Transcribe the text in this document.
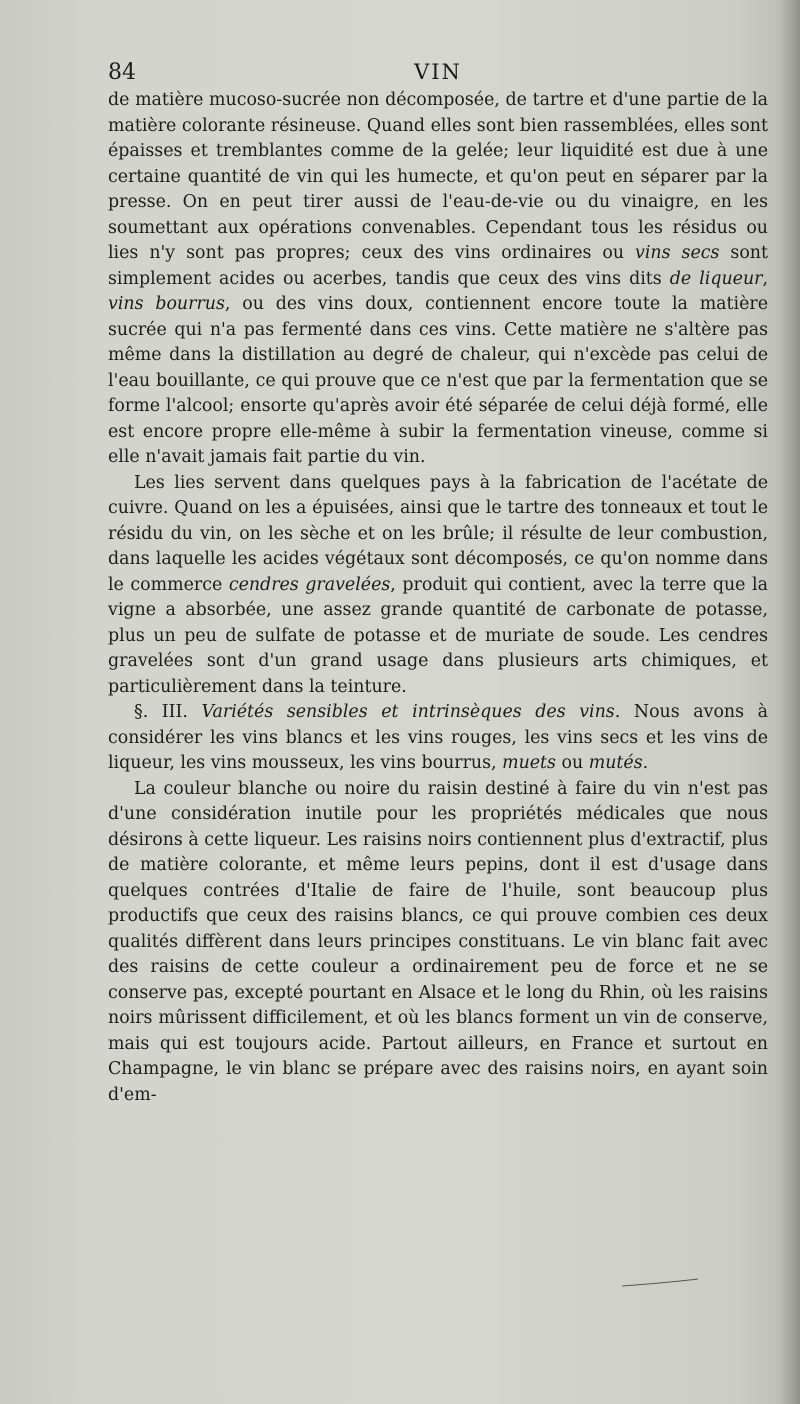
VIN
84

de matière mucoso-sucrée non décomposée, de tartre et d'une partie de la matière colorante résineuse. Quand elles sont bien rassemblées, elles sont épaisses et tremblantes comme de la gelée; leur liquidité est due à une certaine quantité de vin qui les humecte, et qu'on peut en séparer par la presse. On en peut tirer aussi de l'eau-de-vie ou du vinaigre, en les soumettant aux opérations convenables. Cependant tous les résidus ou lies n'y sont pas propres; ceux des vins ordinaires ou vins secs sont simplement acides ou acerbes, tandis que ceux des vins dits de liqueur, vins bourrus, ou des vins doux, contiennent encore toute la matière sucrée qui n'a pas fermenté dans ces vins. Cette matière ne s'altère pas même dans la distillation au degré de chaleur, qui n'excède pas celui de l'eau bouillante, ce qui prouve que ce n'est que par la fermentation que se forme l'alcool; ensorte qu'après avoir été séparée de celui déjà formé, elle est encore propre elle-même à subir la fermentation vineuse, comme si elle n'avait jamais fait partie du vin.

Les lies servent dans quelques pays à la fabrication de l'acétate de cuivre. Quand on les a épuisées, ainsi que le tartre des tonneaux et tout le résidu du vin, on les sèche et on les brûle; il résulte de leur combustion, dans laquelle les acides végétaux sont décomposés, ce qu'on nomme dans le commerce cendres gravelées, produit qui contient, avec la terre que la vigne a absorbée, une assez grande quantité de carbonate de potasse, plus un peu de sulfate de potasse et de muriate de soude. Les cendres gravelées sont d'un grand usage dans plusieurs arts chimiques, et particulièrement dans la teinture.

§. III. Variétés sensibles et intrinsèques des vins. Nous avons à considérer les vins blancs et les vins rouges, les vins secs et les vins de liqueur, les vins mousseux, les vins bourrus, muets ou mutés.

La couleur blanche ou noire du raisin destiné à faire du vin n'est pas d'une considération inutile pour les propriétés médicales que nous désirons à cette liqueur. Les raisins noirs contiennent plus d'extractif, plus de matière colorante, et même leurs pepins, dont il est d'usage dans quelques contrées d'Italie de faire de l'huile, sont beaucoup plus productifs que ceux des raisins blancs, ce qui prouve combien ces deux qualités diffèrent dans leurs principes constituans. Le vin blanc fait avec des raisins de cette couleur a ordinairement peu de force et ne se conserve pas, excepté pourtant en Alsace et le long du Rhin, où les raisins noirs mûrissent difficilement, et où les blancs forment un vin de conserve, mais qui est toujours acide. Partout ailleurs, en France et surtout en Champagne, le vin blanc se prépare avec des raisins noirs, en ayant soin d'em-
